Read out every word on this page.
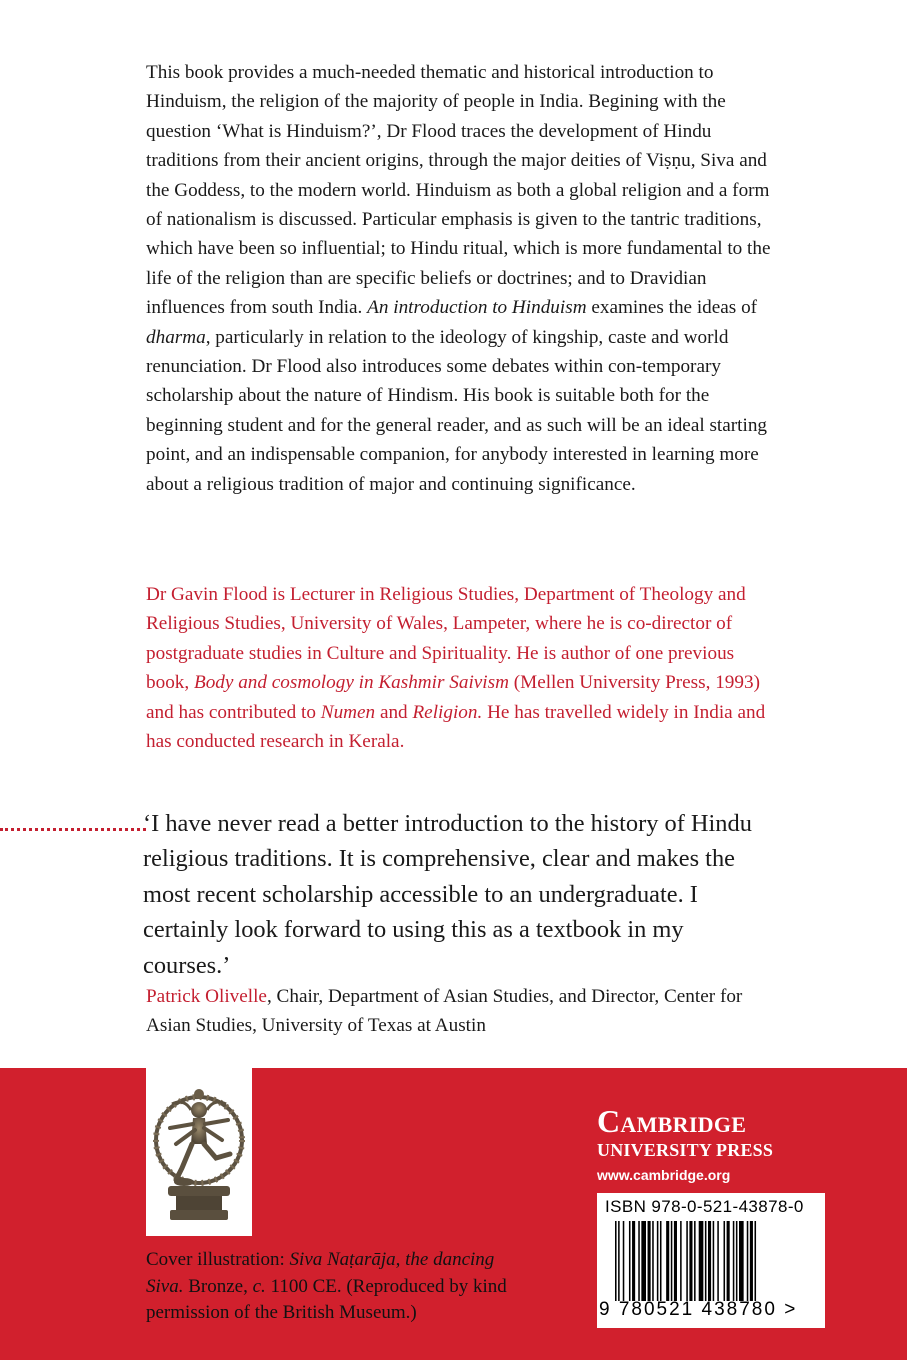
This book provides a much-needed thematic and historical introduction to Hinduism, the religion of the majority of people in India. Begining with the question ‘What is Hinduism?’, Dr Flood traces the development of Hindu traditions from their ancient origins, through the major deities of Viṣṇu, Siva and the Goddess, to the modern world. Hinduism as both a global religion and a form of nationalism is discussed. Particular emphasis is given to the tantric traditions, which have been so influential; to Hindu ritual, which is more fundamental to the life of the religion than are specific beliefs or doctrines; and to Dravidian influences from south India. An introduction to Hinduism examines the ideas of dharma, particularly in relation to the ideology of kingship, caste and world renunciation. Dr Flood also introduces some debates within con-temporary scholarship about the nature of Hindism. His book is suitable both for the beginning student and for the general reader, and as such will be an ideal starting point, and an indispensable companion, for anybody interested in learning more about a religious tradition of major and continuing significance.

Dr Gavin Flood is Lecturer in Religious Studies, Department of Theology and Religious Studies, University of Wales, Lampeter, where he is co-director of postgraduate studies in Culture and Spirituality. He is author of one previous book, Body and cosmology in Kashmir Saivism (Mellen University Press, 1993) and has contributed to Numen and Religion. He has travelled widely in India and has conducted research in Kerala.

‘I have never read a better introduction to the history of Hindu religious traditions. It is comprehensive, clear and makes the most recent scholarship accessible to an undergraduate. I certainly look forward to using this as a textbook in my courses.’

Patrick Olivelle, Chair, Department of Asian Studies, and Director, Center for Asian Studies, University of Texas at Austin

Cover illustration: Siva Naṭarāja, the dancing Siva. Bronze, c. 1100 CE. (Reproduced by kind permission of the British Museum.)

Cambridge

UNIVERSITY PRESS

www.cambridge.org

ISBN 978-0-521-43878-0
9 780521 438780 >
